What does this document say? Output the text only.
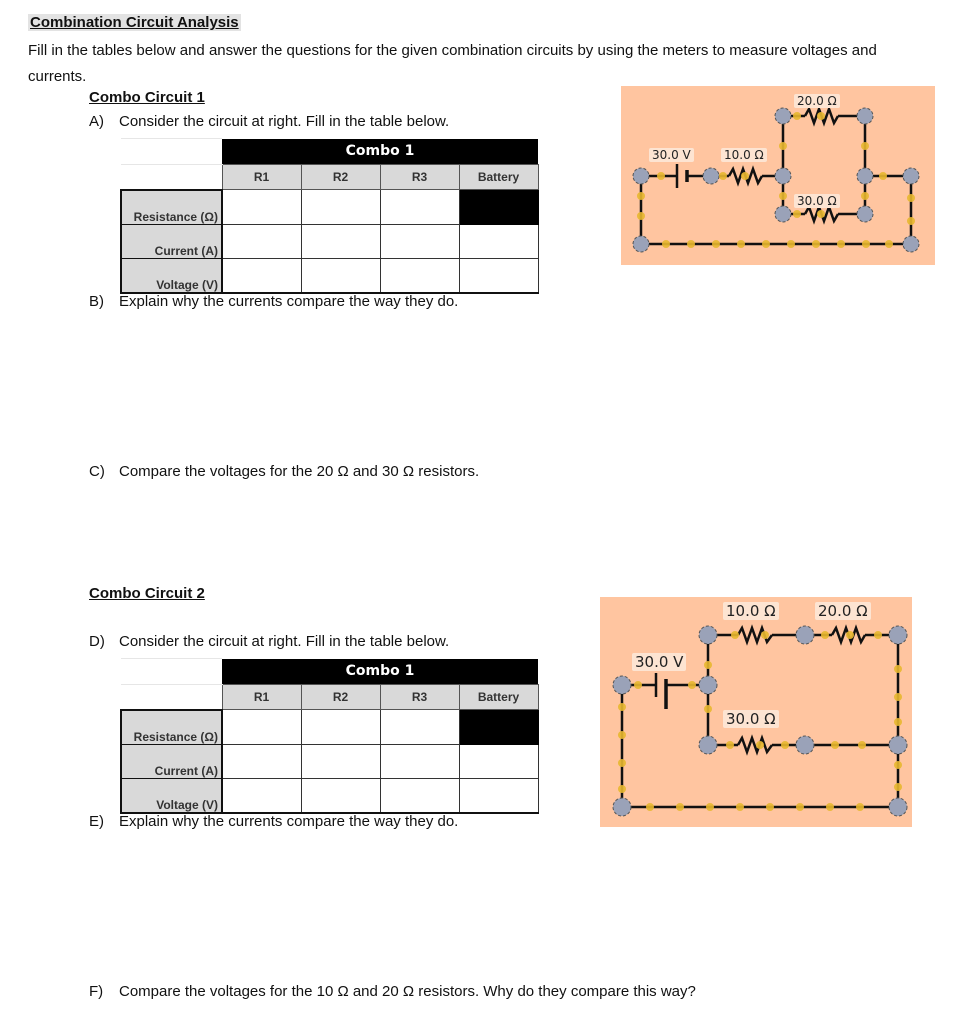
Combination Circuit Analysis
Fill in the tables below and answer the questions for the given combination circuits by using the meters to measure voltages and currents.
Combo Circuit 1
A)	Consider the circuit at right. Fill in the table below.
	Combo 1			
	R1	R2	R3	Battery
Resistance (Ω)				
Current (A)				
Voltage (V)				
B)	Explain why the currents compare the way they do.
C) Compare the voltages for the 20 Ω and 30 Ω resistors.
30.0 V	10.0 Ω
20.0 Ω
30.0 Ω
Combo Circuit 2
D) Consider the circuit at right. Fill in the table below.
	Combo 1			
	R1	R2	R3	Battery
Resistance (Ω)				
Current (A)				
Voltage (V)				
E)	Explain why the currents compare the way they do.
F)	Compare the voltages for the 10 Ω and 20 Ω resistors. Why do they compare this way?
30.0 V
10.0 Ω	20.0 Ω
30.0 Ω
